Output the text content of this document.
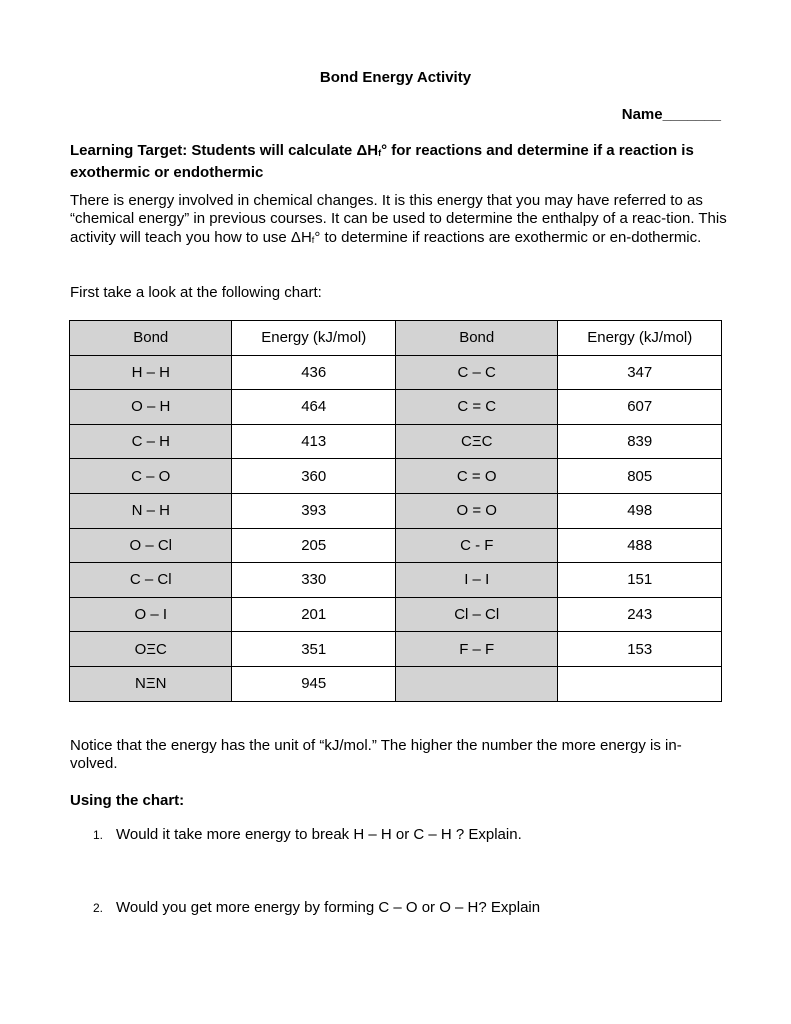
Bond Energy Activity
Name_______
Learning Target: Students will calculate $\Delta H_f^\circ$ for reactions and determine if a reaction is exothermic or endothermic
There is energy involved in chemical changes. It is this energy that you may have referred to as “chemical energy” in previous courses. It can be used to determine the enthalpy of a reac-tion. This activity will teach you how to use $\Delta H_f^\circ$ to determine if reactions are exothermic or en-dothermic.
First take a look at the following chart:
Bond	Energy (kJ/mol)	Bond	Energy (kJ/mol)
H – H	436	C – C	347
O – H	464	C = C	607
C – H	413	CΞC	839
C – O	360	C = O	805
N – H	393	O = O	498
O – Cl	205	C - F	488
C – Cl	330	I – I	151
O – I	201	Cl – Cl	243
OΞC	351	F – F	153
NΞN	945		
Notice that the energy has the unit of “kJ/mol.” The higher the number the more energy is in-volved.
Using the chart:
1. Would it take more energy to break H – H or C – H ? Explain.
2. Would you get more energy by forming C – O or O – H? Explain
